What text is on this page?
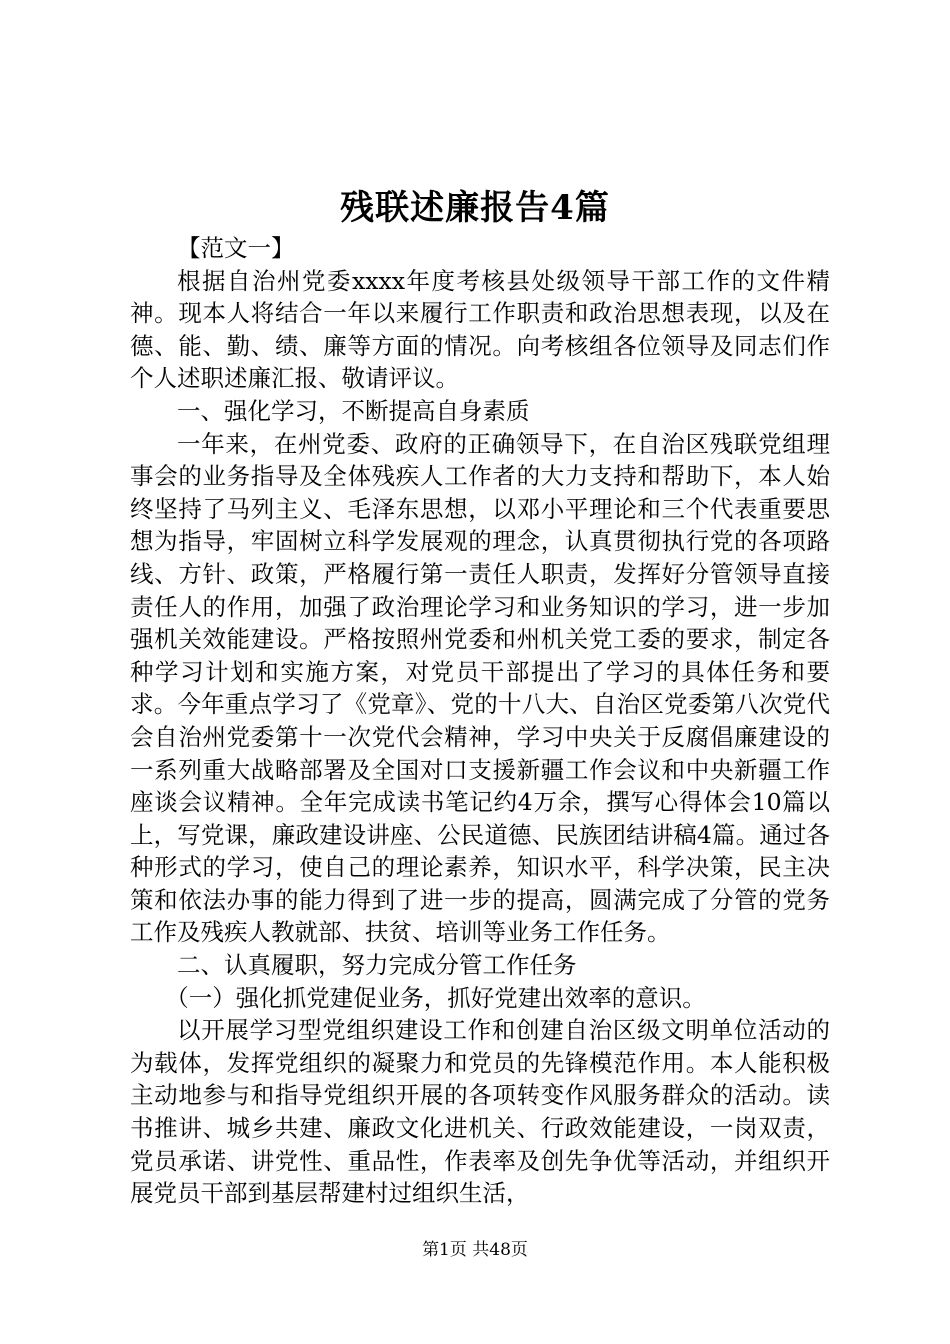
残联述廉报告4篇

【范文一】

根据自治州党委xxxx年度考核县处级领导干部工作的文件精神。现本人将结合一年以来履行工作职责和政治思想表现，以及在德、能、勤、绩、廉等方面的情况。向考核组各位领导及同志们作个人述职述廉汇报、敬请评议。

一、强化学习，不断提高自身素质

一年来，在州党委、政府的正确领导下，在自治区残联党组理事会的业务指导及全体残疾人工作者的大力支持和帮助下，本人始终坚持了马列主义、毛泽东思想，以邓小平理论和三个代表重要思想为指导，牢固树立科学发展观的理念，认真贯彻执行党的各项路线、方针、政策，严格履行第一责任人职责，发挥好分管领导直接责任人的作用，加强了政治理论学习和业务知识的学习，进一步加强机关效能建设。严格按照州党委和州机关党工委的要求，制定各种学习计划和实施方案，对党员干部提出了学习的具体任务和要求。今年重点学习了《党章》、党的十八大、自治区党委第八次党代会自治州党委第十一次党代会精神，学习中央关于反腐倡廉建设的一系列重大战略部署及全国对口支援新疆工作会议和中央新疆工作座谈会议精神。全年完成读书笔记约4万余，撰写心得体会10篇以上，写党课，廉政建设讲座、公民道德、民族团结讲稿4篇。通过各种形式的学习，使自己的理论素养，知识水平，科学决策，民主决策和依法办事的能力得到了进一步的提高，圆满完成了分管的党务工作及残疾人教就部、扶贫、培训等业务工作任务。

二、认真履职，努力完成分管工作任务

（一）强化抓党建促业务，抓好党建出效率的意识。

以开展学习型党组织建设工作和创建自治区级文明单位活动的为载体，发挥党组织的凝聚力和党员的先锋模范作用。本人能积极主动地参与和指导党组织开展的各项转变作风服务群众的活动。读书推讲、城乡共建、廉政文化进机关、行政效能建设，一岗双责，党员承诺、讲党性、重品性，作表率及创先争优等活动，并组织开展党员干部到基层帮建村过组织生活，

第1页 共48页
